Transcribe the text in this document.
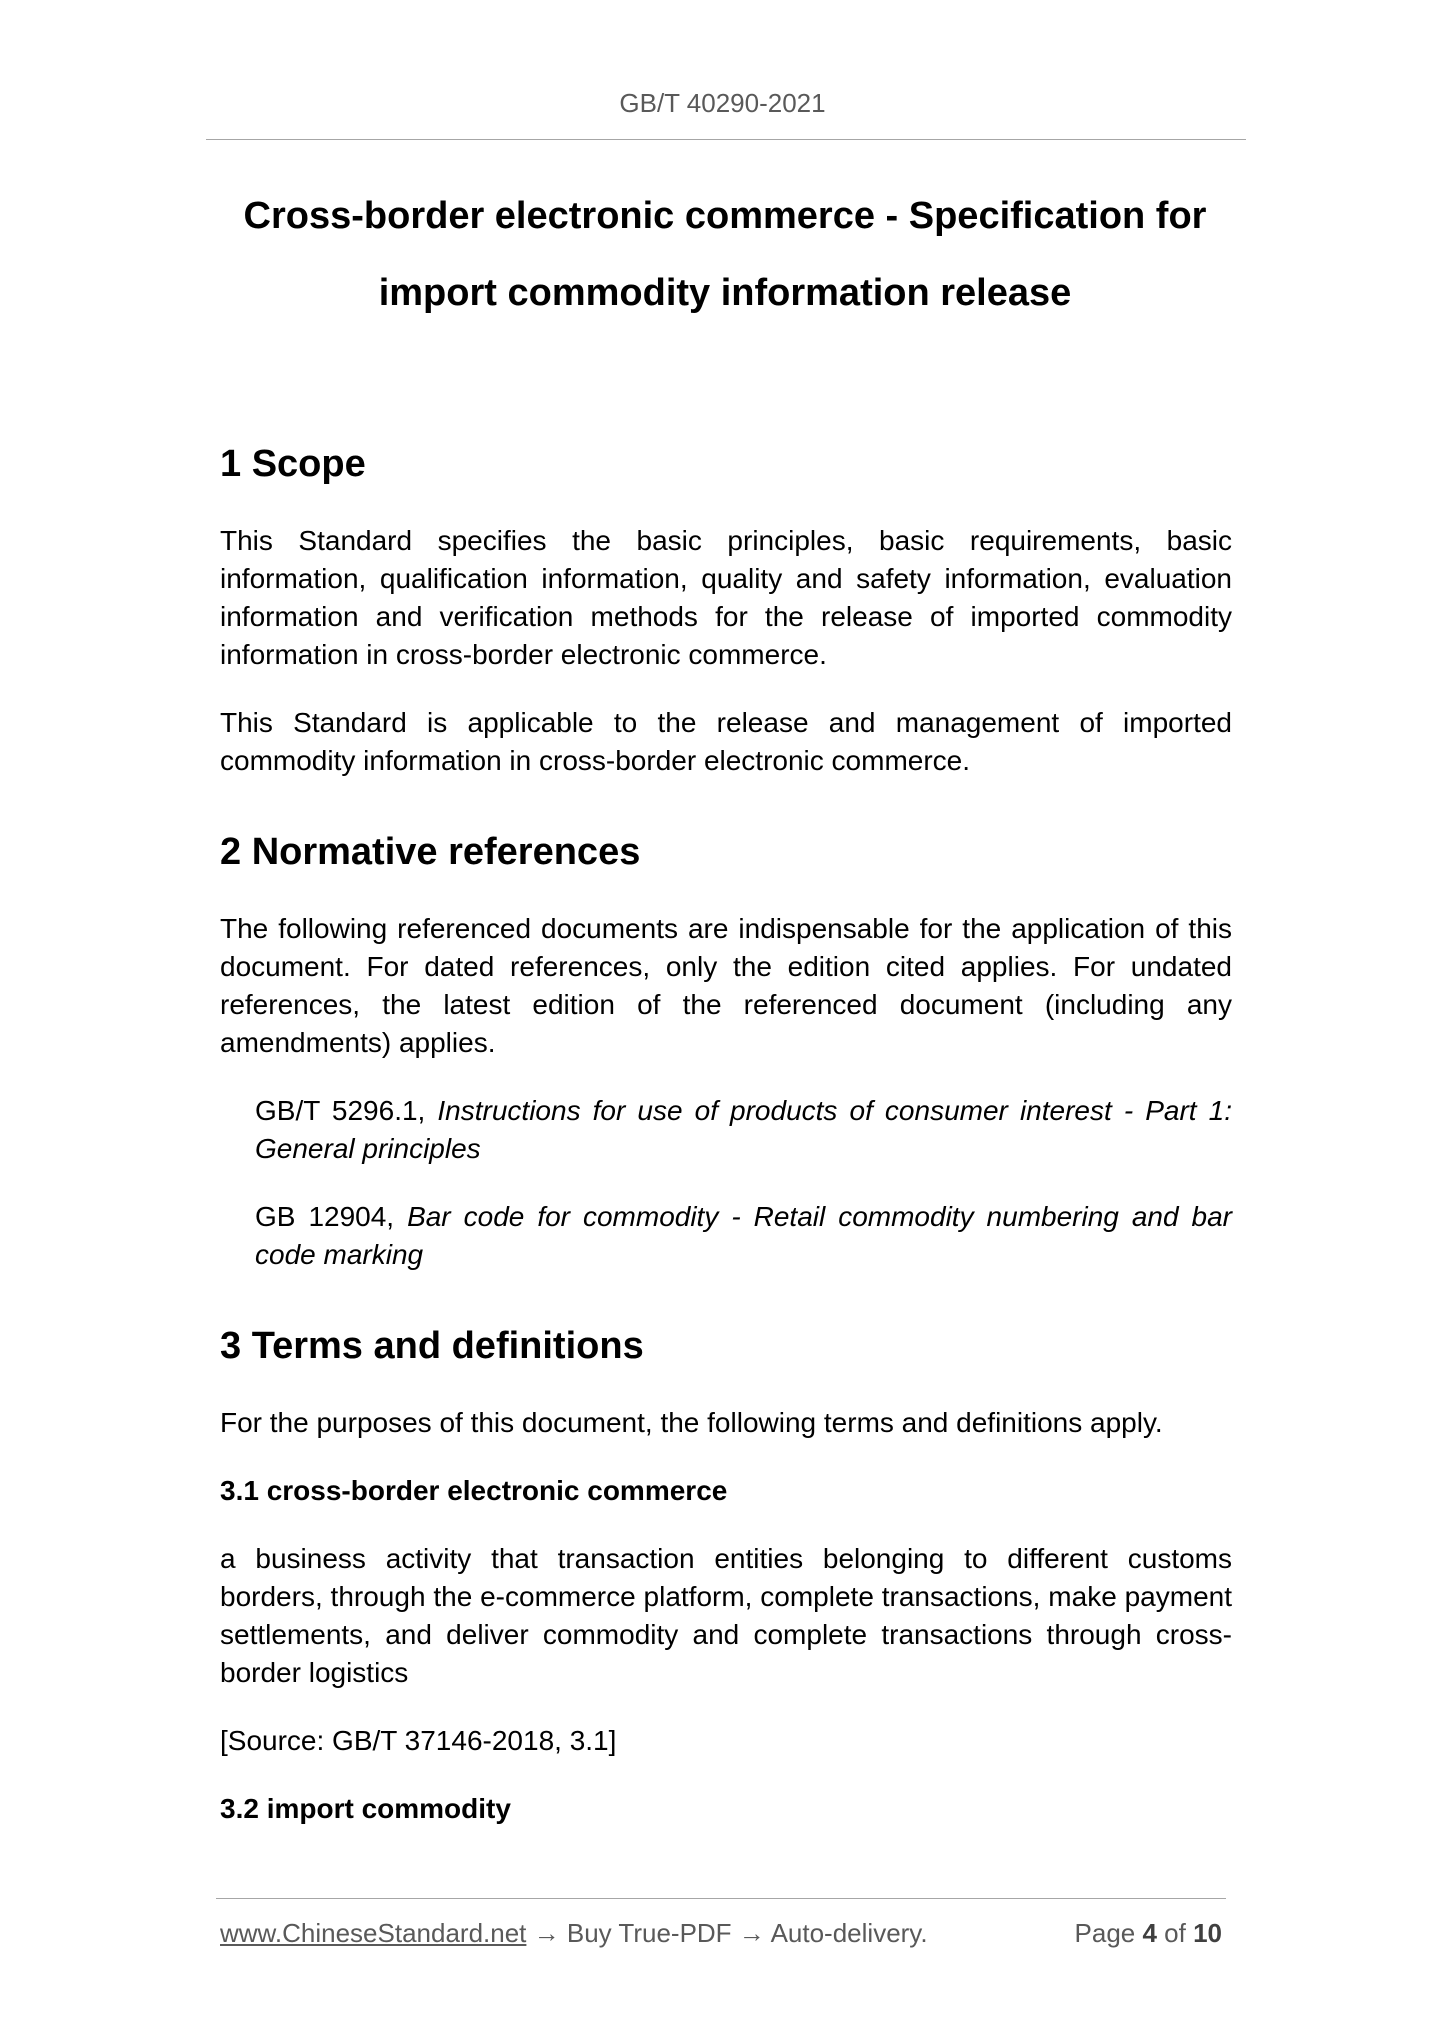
GB/T 40290-2021
Cross-border electronic commerce - Specification for
import commodity information release
1 Scope

This Standard specifies the basic principles, basic requirements, basic information, qualification information, quality and safety information, evaluation information and verification methods for the release of imported commodity information in cross-border electronic commerce.

This Standard is applicable to the release and management of imported commodity information in cross-border electronic commerce.

2 Normative references

The following referenced documents are indispensable for the application of this document. For dated references, only the edition cited applies. For undated references, the latest edition of the referenced document (including any amendments) applies.

GB/T 5296.1, Instructions for use of products of consumer interest - Part 1: General principles

GB 12904, Bar code for commodity - Retail commodity numbering and bar code marking

3 Terms and definitions

For the purposes of this document, the following terms and definitions apply.

3.1 cross-border electronic commerce

a business activity that transaction entities belonging to different customs borders, through the e-commerce platform, complete transactions, make payment settlements, and deliver commodity and complete transactions through cross-border logistics

[Source: GB/T 37146-2018, 3.1]

3.2 import commodity

www.ChineseStandard.net → Buy True-PDF → Auto-delivery.	Page 4 of 10
